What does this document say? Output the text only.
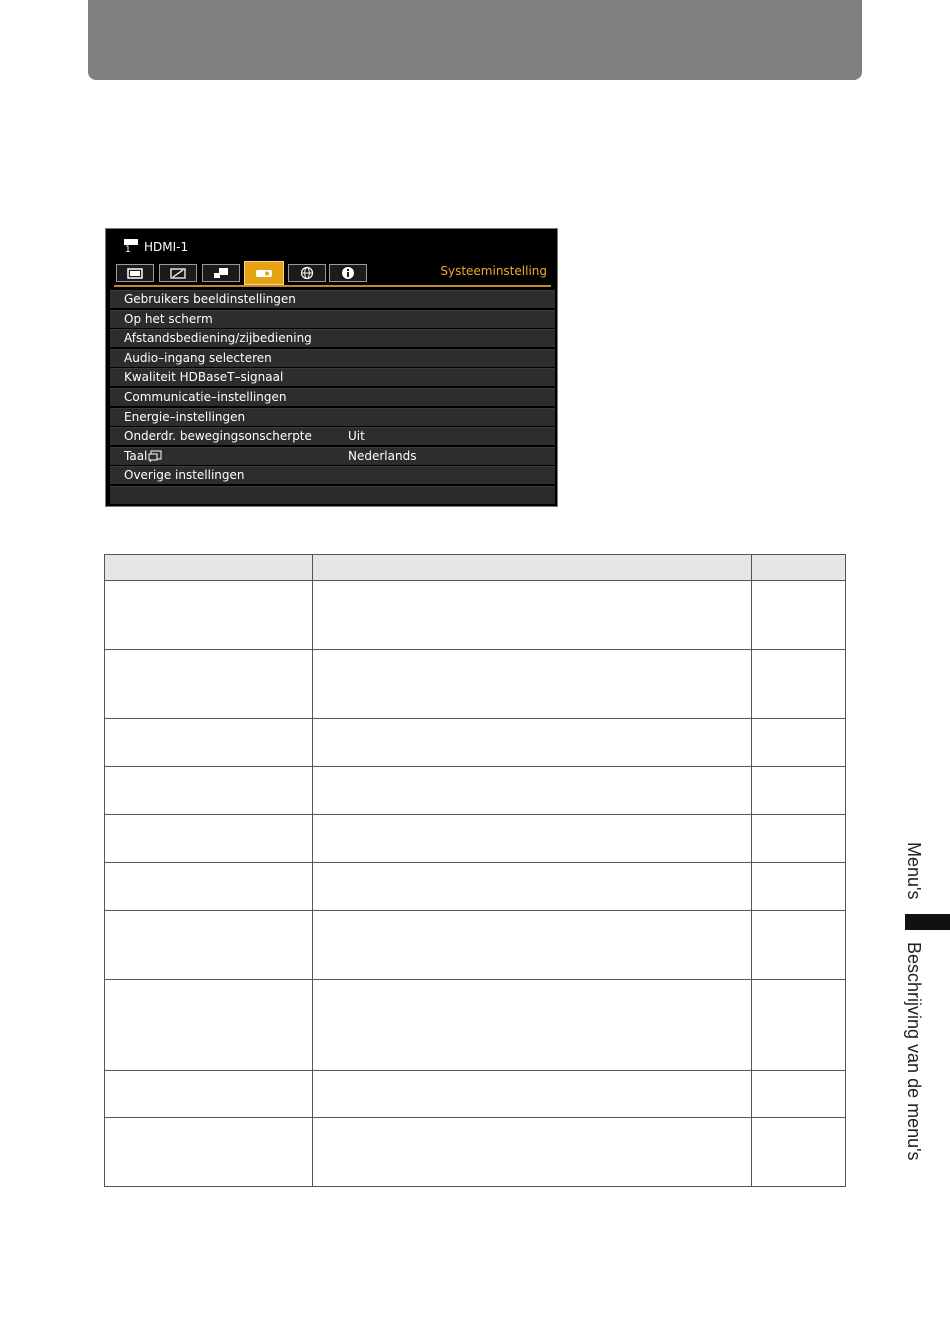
1 HDMI-1
Systeeminstelling
Gebruikers beeldinstellingen
Op het scherm
Afstandsbediening/zijbediening
Audio–ingang selecteren
Kwaliteit HDBaseT–signaal
Communicatie–instellingen
Energie–instellingen
Onderdr. bewegingsonscherpte	Uit
Taal	Nederlands
Overige instellingen

Menu's
Beschrijving van de menu's
